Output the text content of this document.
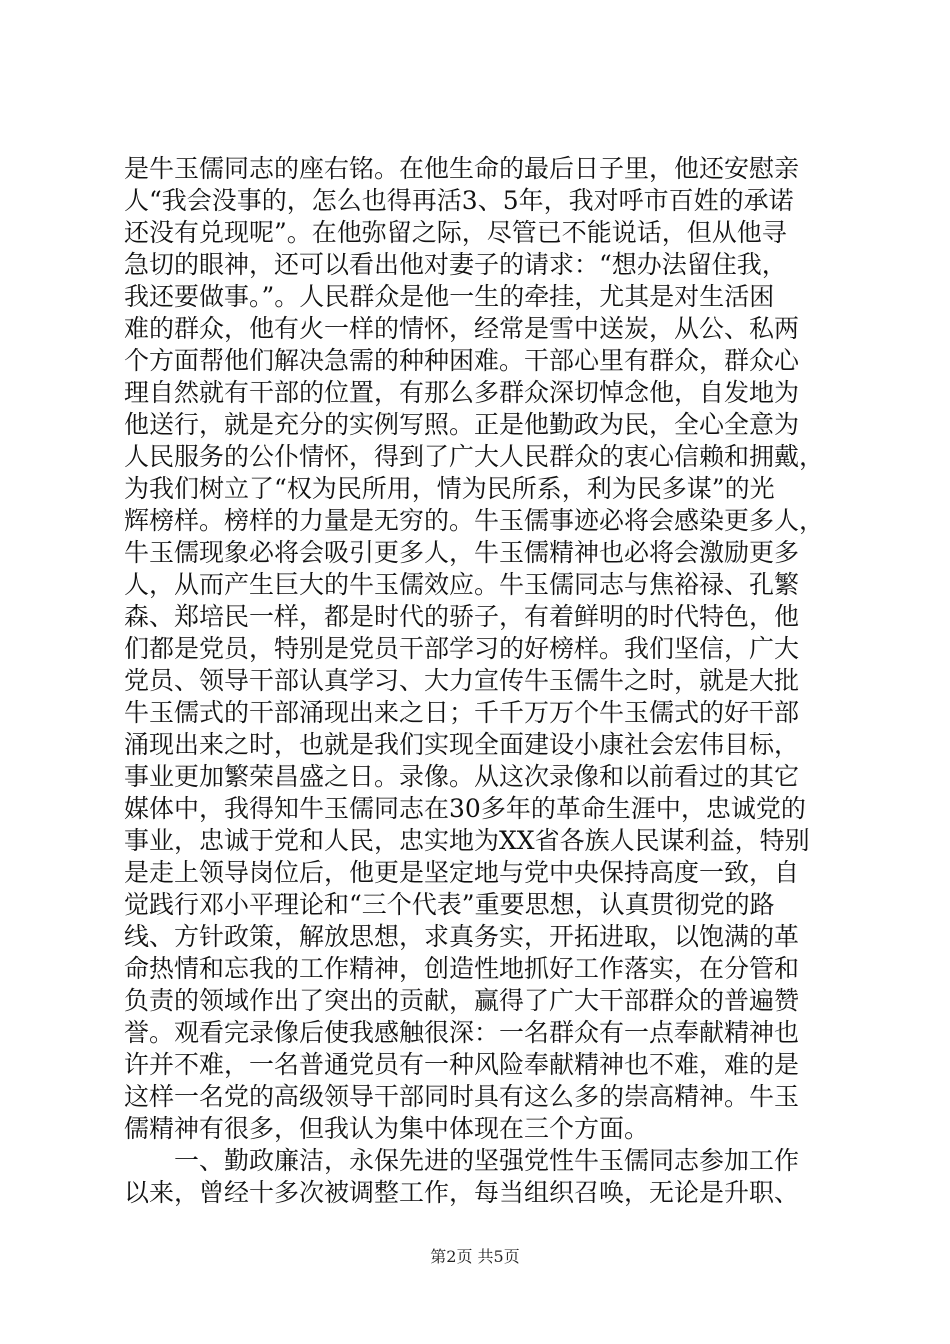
是牛玉儒同志的座右铭。在他生命的最后日子里，他还安慰亲
人“我会没事的，怎么也得再活3、5年，我对呼市百姓的承诺
还没有兑现呢”。在他弥留之际，尽管已不能说话，但从他寻
急切的眼神，还可以看出他对妻子的请求：“想办法留住我，
我还要做事。”。人民群众是他一生的牵挂，尤其是对生活困
难的群众，他有火一样的情怀，经常是雪中送炭，从公、私两
个方面帮他们解决急需的种种困难。干部心里有群众，群众心
理自然就有干部的位置，有那么多群众深切悼念他，自发地为
他送行，就是充分的实例写照。正是他勤政为民，全心全意为
人民服务的公仆情怀，得到了广大人民群众的衷心信赖和拥戴，
为我们树立了“权为民所用，情为民所系，利为民多谋”的光
辉榜样。榜样的力量是无穷的。牛玉儒事迹必将会感染更多人，
牛玉儒现象必将会吸引更多人，牛玉儒精神也必将会激励更多
人，从而产生巨大的牛玉儒效应。牛玉儒同志与焦裕禄、孔繁
森、郑培民一样，都是时代的骄子，有着鲜明的时代特色，他
们都是党员，特别是党员干部学习的好榜样。我们坚信，广大
党员、领导干部认真学习、大力宣传牛玉儒牛之时，就是大批
牛玉儒式的干部涌现出来之日；千千万万个牛玉儒式的好干部
涌现出来之时，也就是我们实现全面建设小康社会宏伟目标，
事业更加繁荣昌盛之日。录像。从这次录像和以前看过的其它
媒体中，我得知牛玉儒同志在30多年的革命生涯中，忠诚党的
事业，忠诚于党和人民，忠实地为XX省各族人民谋利益，特别
是走上领导岗位后，他更是坚定地与党中央保持高度一致，自
觉践行邓小平理论和“三个代表”重要思想，认真贯彻党的路
线、方针政策，解放思想，求真务实，开拓进取，以饱满的革
命热情和忘我的工作精神，创造性地抓好工作落实，在分管和
负责的领域作出了突出的贡献，赢得了广大干部群众的普遍赞
誉。观看完录像后使我感触很深：一名群众有一点奉献精神也
许并不难，一名普通党员有一种风险奉献精神也不难，难的是
这样一名党的高级领导干部同时具有这么多的崇高精神。牛玉
儒精神有很多，但我认为集中体现在三个方面。
　　一、勤政廉洁，永保先进的坚强党性牛玉儒同志参加工作
以来，曾经十多次被调整工作，每当组织召唤，无论是升职、
第2页 共5页
